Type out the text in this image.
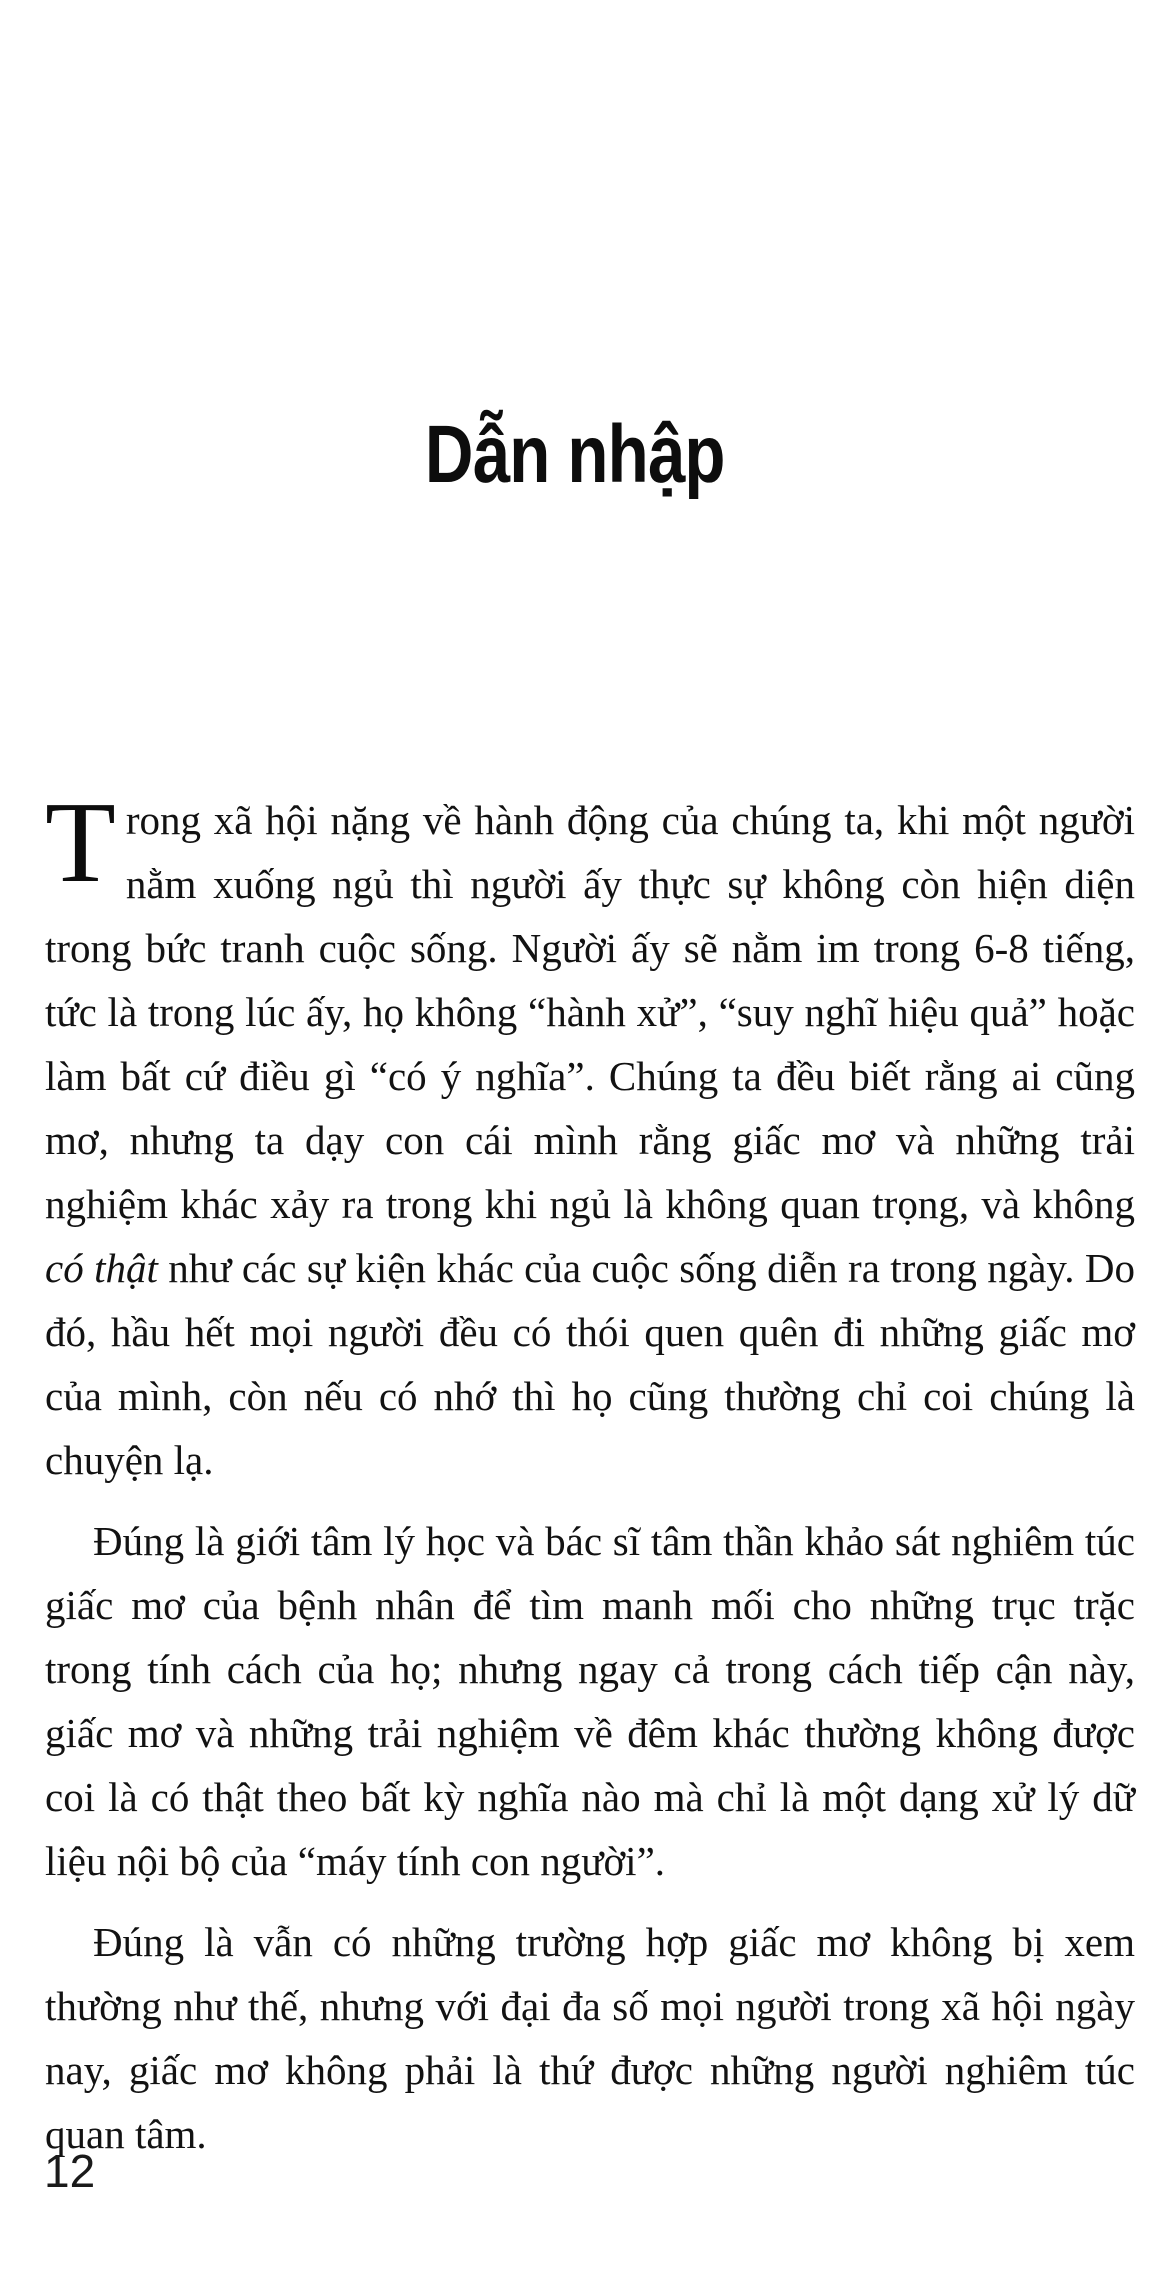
Dẫn nhập

Trong xã hội nặng về hành động của chúng ta, khi một người nằm xuống ngủ thì người ấy thực sự không còn hiện diện trong bức tranh cuộc sống. Người ấy sẽ nằm im trong 6-8 tiếng, tức là trong lúc ấy, họ không “hành xử”, “suy nghĩ hiệu quả” hoặc làm bất cứ điều gì “có ý nghĩa”. Chúng ta đều biết rằng ai cũng mơ, nhưng ta dạy con cái mình rằng giấc mơ và những trải nghiệm khác xảy ra trong khi ngủ là không quan trọng, và không có thật như các sự kiện khác của cuộc sống diễn ra trong ngày. Do đó, hầu hết mọi người đều có thói quen quên đi những giấc mơ của mình, còn nếu có nhớ thì họ cũng thường chỉ coi chúng là chuyện lạ.

Đúng là giới tâm lý học và bác sĩ tâm thần khảo sát nghiêm túc giấc mơ của bệnh nhân để tìm manh mối cho những trục trặc trong tính cách của họ; nhưng ngay cả trong cách tiếp cận này, giấc mơ và những trải nghiệm về đêm khác thường không được coi là có thật theo bất kỳ nghĩa nào mà chỉ là một dạng xử lý dữ liệu nội bộ của “máy tính con người”.

Đúng là vẫn có những trường hợp giấc mơ không bị xem thường như thế, nhưng với đại đa số mọi người trong xã hội ngày nay, giấc mơ không phải là thứ được những người nghiêm túc quan tâm.

12
